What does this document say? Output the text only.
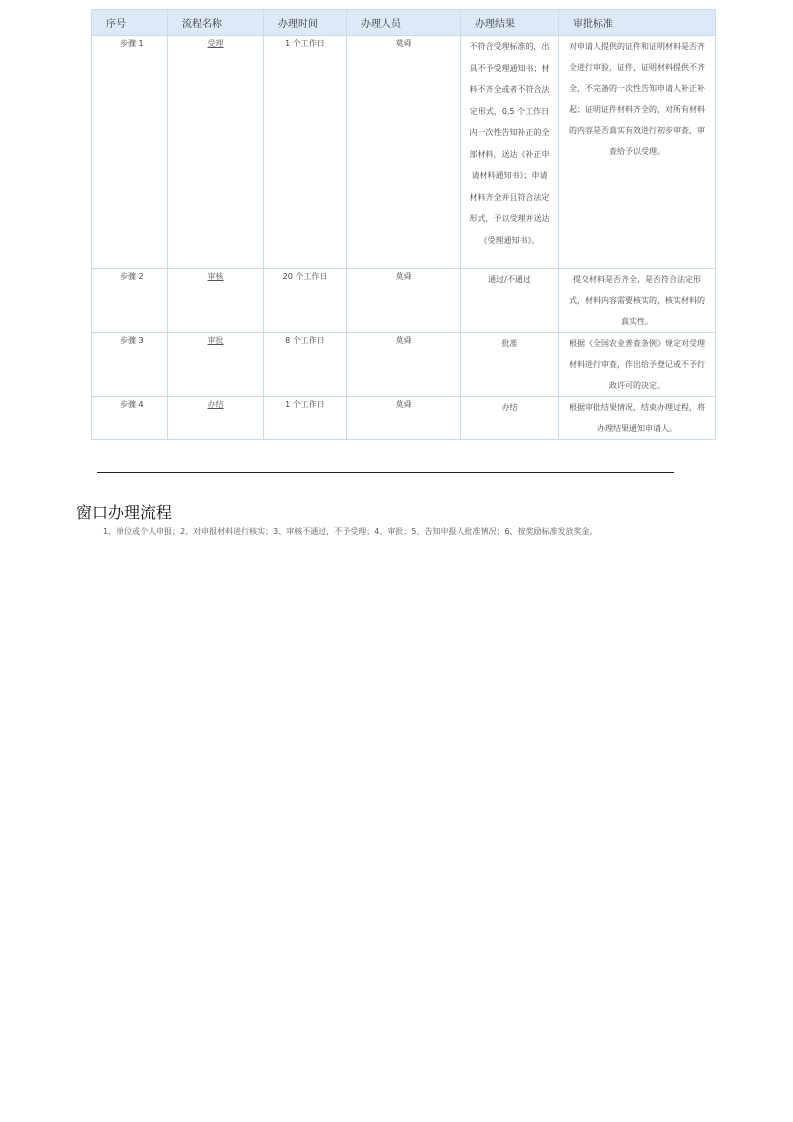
序号	流程名称	办理时间	办理人员	办理结果	审批标准
步骤 1	受理	1 个工作日	莫舜	不符合受理标准的，出具不予受理通知书；材料不齐全或者不符合法定形式，0.5 个工作日内一次性告知补正的全部材料，送达《补正申请材料通知书》；申请材料齐全并且符合法定形式，予以受理并送达《受理通知书》。	对申请人提供的证件和证明材料是否齐全进行审验，证件，证明材料提供不齐全，不完备的一次性告知申请人补正补起；证明证件材料齐全的，对所有材料的内容是否真实有效进行初步审查，审查给予以受理。
步骤 2	审核	20 个工作日	莫舜	通过/不通过	提交材料是否齐全，是否符合法定形式，材料内容需要核实的，核实材料的真实性。
步骤 3	审批	8 个工作日	莫舜	批准	根据《全国农业普查条例》规定对受理材料进行审查，作出给予登记或不予行政许可的决定。
步骤 4	办结	1 个工作日	莫舜	办结	根据审批结果情况，结束办理过程，将办理结果通知申请人。
窗口办理流程

1、单位或个人申报；2、对申报材料进行核实；3、审核不通过，不予受理；4、审批；5、告知申报人批准情况；6、按奖励标准发放奖金。
